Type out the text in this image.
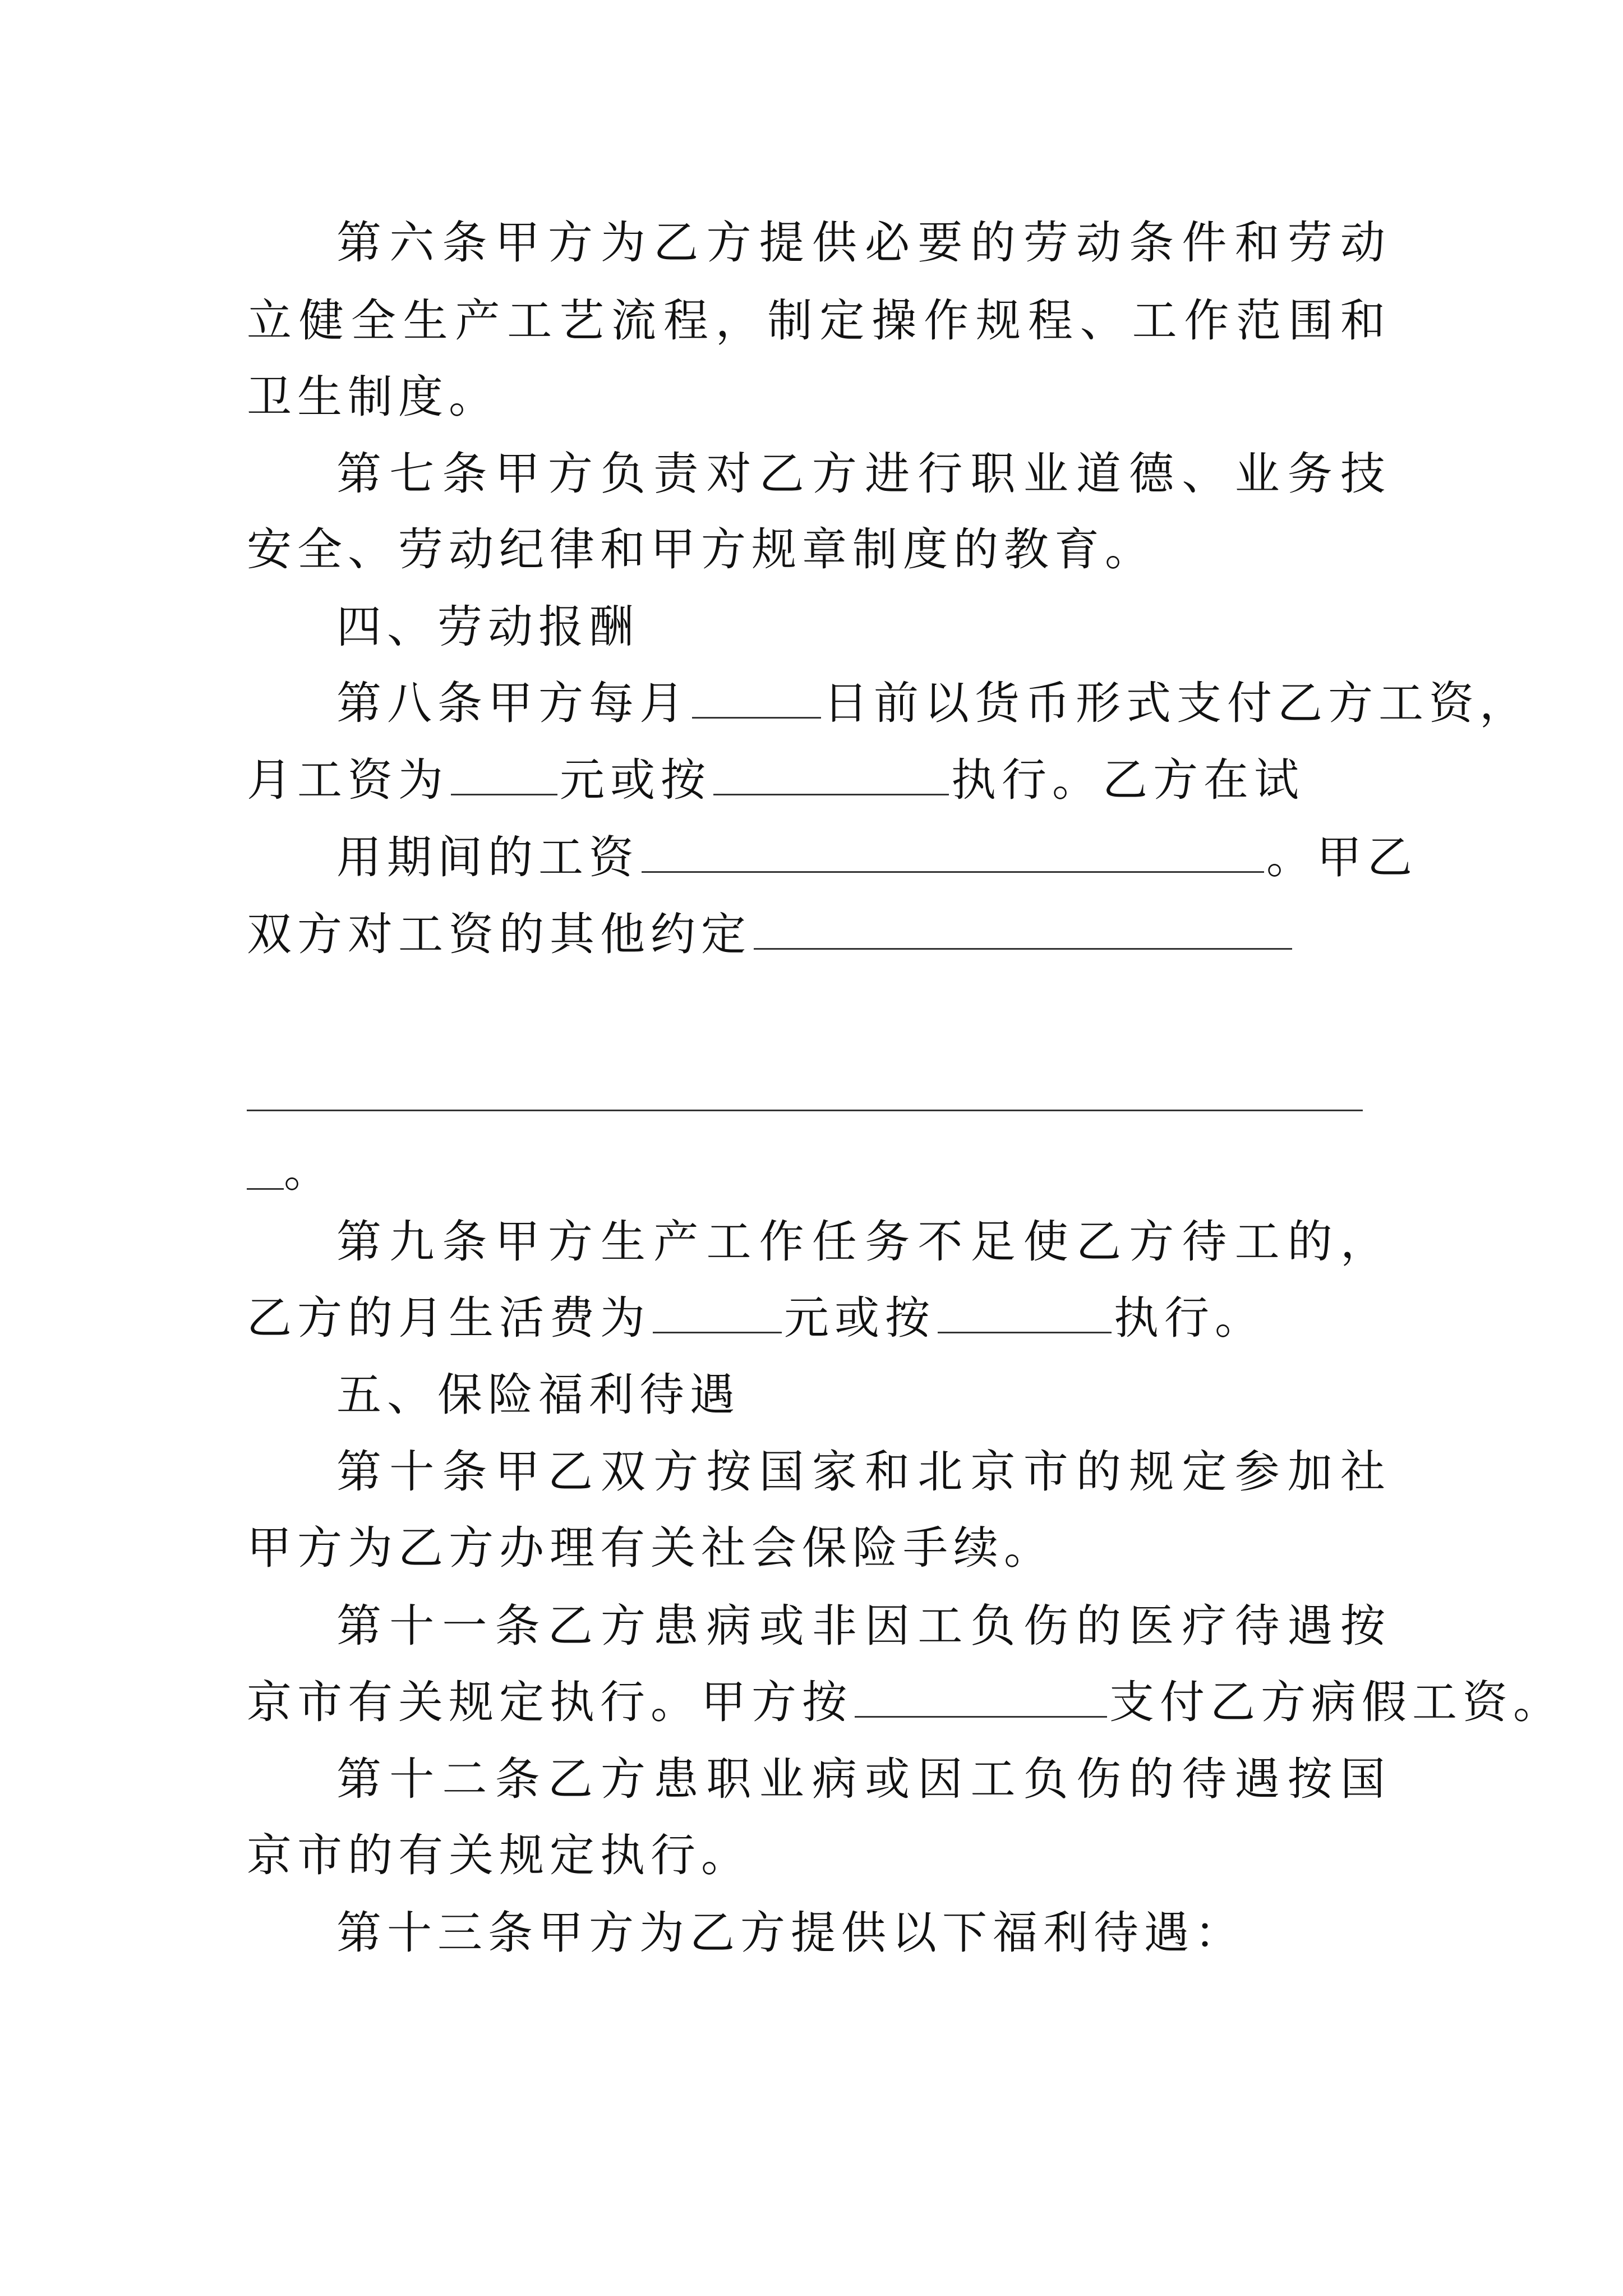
第六条甲方为乙方提供必要的劳动条件和劳动
立健全生产工艺流程，制定操作规程、工作范围和
卫生制度。
第七条甲方负责对乙方进行职业道德、业务技
安全、劳动纪律和甲方规章制度的教育。
四、劳动报酬
第八条甲方每月	日前以货币形式支付乙方工资，
月工资为 元或按	执行。乙方在试
用期间的工资	。甲乙
双方对工资的其他约定
。
第九条甲方生产工作任务不足使乙方待工的，
乙方的月生活费为	元或按	执行。
五、保险福利待遇
第十条甲乙双方按国家和北京市的规定参加社
甲方为乙方办理有关社会保险手续。
第十一条乙方患病或非因工负伤的医疗待遇按
京市有关规定执行。甲方按	支付乙方病假工资。
第十二条乙方患职业病或因工负伤的待遇按国
京市的有关规定执行。
第十三条甲方为乙方提供以下福利待遇：
